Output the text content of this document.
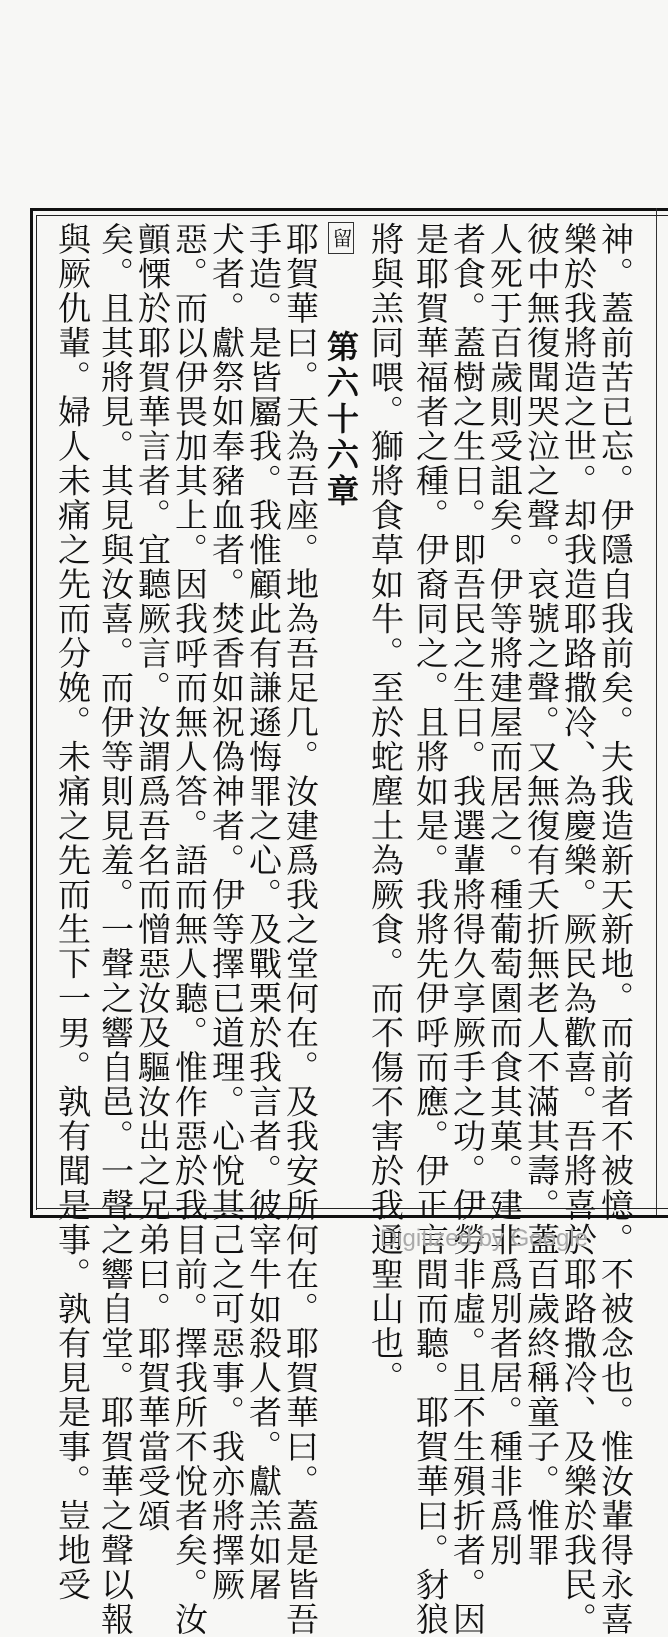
神。蓋前苦已忘。伊隱自我前矣。夫我造新天新地。而前者不被憶。不被念也。惟汝輩得永喜
樂於我將造之世。却我造耶路撒冷、為慶樂。厥民為歡喜。吾將喜於耶路撒冷、及樂於我民。
彼中無復聞哭泣之聲。哀號之聲。又無復有夭折無老人不滿其壽。蓋百歲終稱童子。惟罪
人死于百歲則受詛矣。伊等將建屋而居之。種葡萄園而食其菓。建非爲別者居。種非爲別
者食。蓋樹之生日。即吾民之生日。我選輩將得久享厥手之功。伊勞非虛。且不生殞折者。因
是耶賀華福者之種。伊裔同之。且將如是。我將先伊呼而應。伊正言間而聽。耶賀華曰。豺狼
將與羔同喂。獅將食草如牛。至於蛇塵土為厥食。而不傷不害於我通聖山也。
留
第六十六章
耶賀華曰。天為吾座。地為吾足几。汝建爲我之堂何在。及我安所何在。耶賀華曰。蓋是皆吾
手造。是皆屬我。我惟顧此有謙遜悔罪之心。及戰栗於我言者。彼宰牛如殺人者。獻羔如屠
犬者。獻祭如奉豬血者。焚香如祝偽神者。伊等擇已道理。心悅其己之可惡事。我亦將擇厥
惡。而以伊畏加其上。因我呼而無人答。語而無人聽。惟作惡於我目前。擇我所不悅者矣。汝
顫慄於耶賀華言者。宜聽厥言。汝謂爲吾名而憎惡汝及驅汝出之兄弟曰。耶賀華當受頌
矣。且其將見。其見與汝喜。而伊等則見羞。一聲之響自邑。一聲之響自堂。耶賀華之聲以報
與厥仇輩。婦人未痛之先而分娩。未痛之先而生下一男。孰有聞是事。孰有見是事。豈地受	Digitized by Google
